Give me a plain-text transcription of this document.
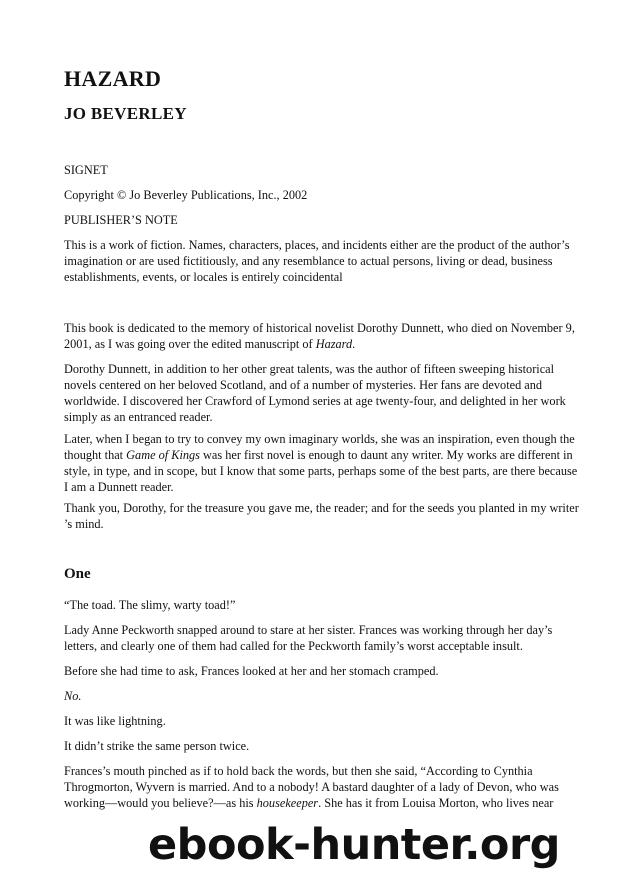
HAZARD
JO BEVERLEY

SIGNET

Copyright © Jo Beverley Publications, Inc., 2002

PUBLISHER’S NOTE

This is a work of fiction. Names, characters, places, and incidents either are the product of the author’s imagination or are used fictitiously, and any resemblance to actual persons, living or dead, business establishments, events, or locales is entirely coincidental

This book is dedicated to the memory of historical novelist Dorothy Dunnett, who died on November 9, 2001, as I was going over the edited manuscript of Hazard.

Dorothy Dunnett, in addition to her other great talents, was the author of fifteen sweeping historical novels centered on her beloved Scotland, and of a number of mysteries. Her fans are devoted and worldwide. I discovered her Crawford of Lymond series at age twenty-four, and delighted in her work simply as an entranced reader.

Later, when I began to try to convey my own imaginary worlds, she was an inspiration, even though the thought that Game of Kings was her first novel is enough to daunt any writer. My works are different in style, in type, and in scope, but I know that some parts, perhaps some of the best parts, are there because I am a Dunnett reader.

Thank you, Dorothy, for the treasure you gave me, the reader; and for the seeds you planted in my writer ’s mind.

One

“The toad. The slimy, warty toad!”

Lady Anne Peckworth snapped around to stare at her sister. Frances was working through her day’s letters, and clearly one of them had called for the Peckworth family’s worst acceptable insult.

Before she had time to ask, Frances looked at her and her stomach cramped.

No.

It was like lightning.

It didn’t strike the same person twice.

Frances’s mouth pinched as if to hold back the words, but then she said, “According to Cynthia Throgmorton, Wyvern is married. And to a nobody! A bastard daughter of a lady of Devon, who was working—would you believe?—as his housekeeper. She has it from Louisa Morton, who lives near

ebook-hunter.org
